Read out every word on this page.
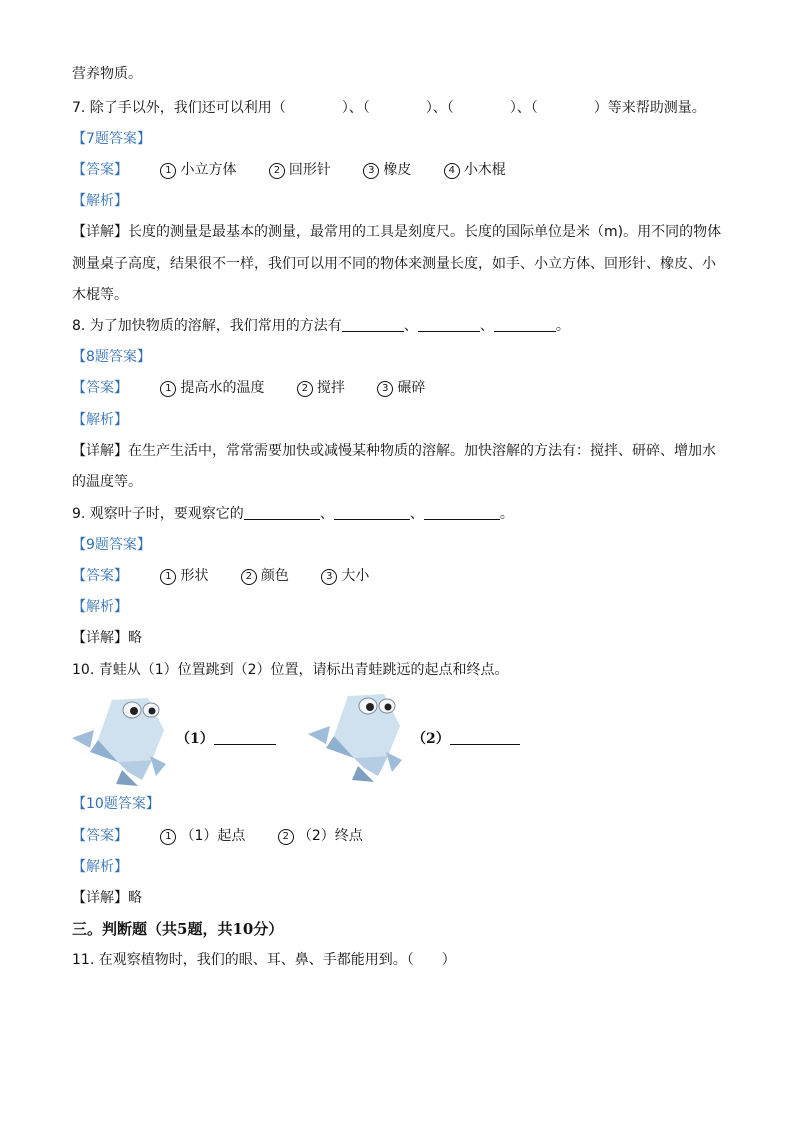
营养物质。
7. 除了手以外，我们还可以利用（	）、（	）、（	）、（	）等来帮助测量。
【7题答案】
【答案】	1 小立方体	2 回形针	3 橡皮	4 小木棍
【解析】
【详解】长度的测量是最基本的测量，最常用的工具是刻度尺。长度的国际单位是米（m)。用不同的物体
测量桌子高度，结果很不一样，我们可以用不同的物体来测量长度，如手、小立方体、回形针、橡皮、小
木棍等。
8. 为了加快物质的溶解，我们常用的方法有	、	、	。
【8题答案】
【答案】	1 提高水的温度	2 搅拌	3 碾碎
【解析】
【详解】在生产生活中，常常需要加快或减慢某种物质的溶解。加快溶解的方法有：搅拌、研碎、增加水
的温度等。
9. 观察叶子时，要观察它的	、	、	。
【9题答案】
【答案】	1 形状	2 颜色	3 大小
【解析】
【详解】略
10. 青蛙从（1）位置跳到（2）位置，请标出青蛙跳远的起点和终点。
（1）	（2）
【10题答案】
【答案】	1 （1）起点	2 （2）终点
【解析】
【详解】略
三。判断题（共5题，共10分）
11. 在观察植物时，我们的眼、耳、鼻、手都能用到。（　　）
